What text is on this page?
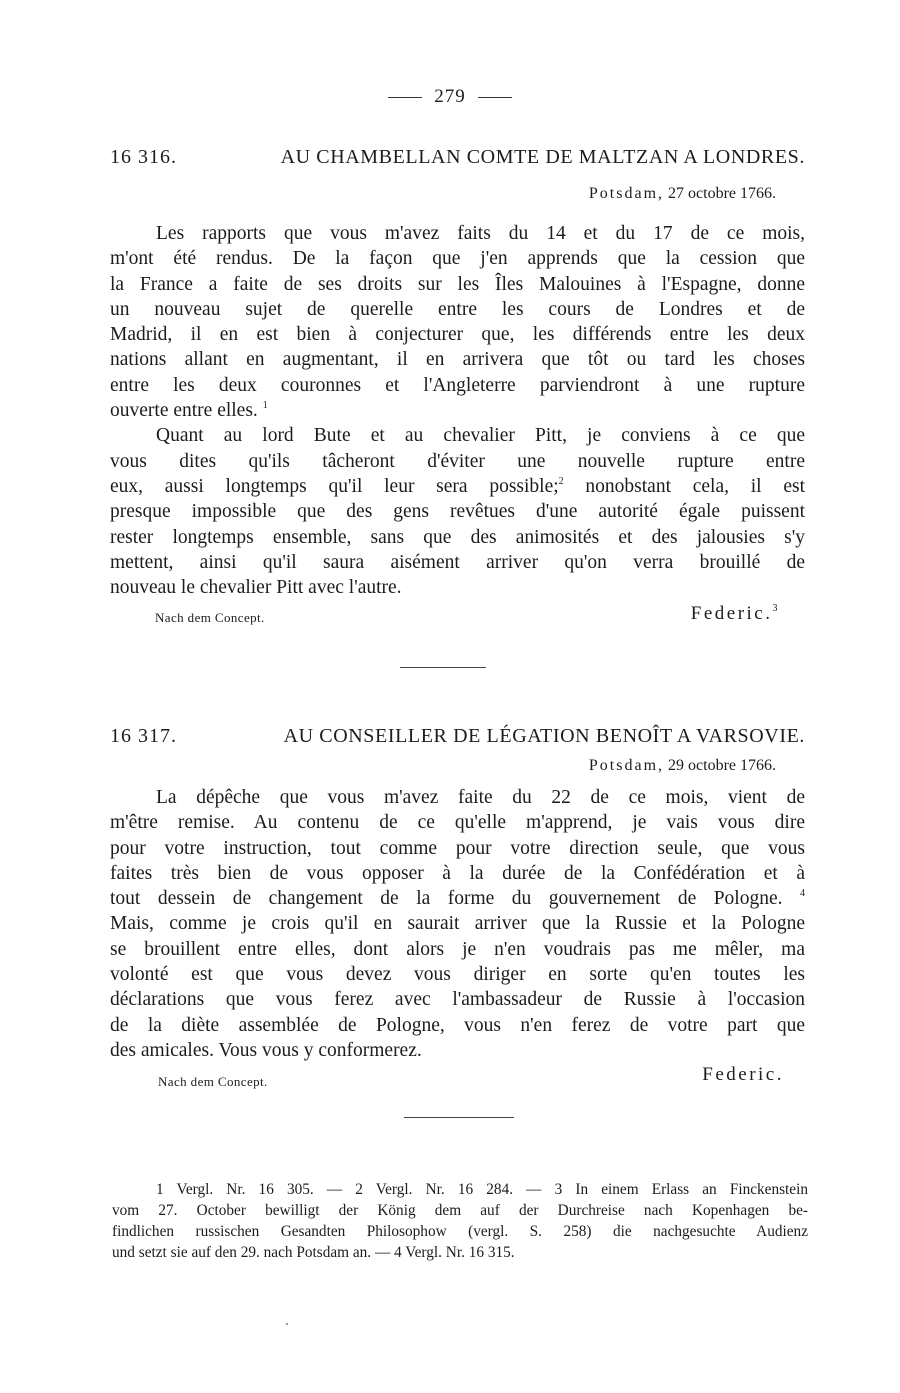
279
16 316.	AU CHAMBELLAN COMTE DE MALTZAN A LONDRES.
Potsdam, 27 octobre 1766.
Les rapports que vous m'avez faits du 14 et du 17 de ce mois,
m'ont été rendus. De la façon que j'en apprends que la cession que
la France a faite de ses droits sur les Îles Malouines à l'Espagne, donne
un nouveau sujet de querelle entre les cours de Londres et de
Madrid, il en est bien à conjecturer que, les différends entre les deux
nations allant en augmentant, il en arrivera que tôt ou tard les choses
entre les deux couronnes et l'Angleterre parviendront à une rupture
ouverte entre elles. $^1$
Quant au lord Bute et au chevalier Pitt, je conviens à ce que
vous dites qu'ils tâcheront d'éviter une nouvelle rupture entre
eux, aussi longtemps qu'il leur sera possible;$^2$ nonobstant cela, il est
presque impossible que des gens revêtues d'une autorité égale puissent
rester longtemps ensemble, sans que des animosités et des jalousies s'y
mettent, ainsi qu'il saura aisément arriver qu'on verra brouillé de
nouveau le chevalier Pitt avec l'autre.
Nach dem Concept.	Federic.$^3$
16 317.	AU CONSEILLER DE LÉGATION BENOÎT A VARSOVIE.
Potsdam, 29 octobre 1766.
La dépêche que vous m'avez faite du 22 de ce mois, vient de
m'être remise. Au contenu de ce qu'elle m'apprend, je vais vous dire
pour votre instruction, tout comme pour votre direction seule, que vous
faites très bien de vous opposer à la durée de la Confédération et à
tout dessein de changement de la forme du gouvernement de Pologne. $^4$
Mais, comme je crois qu'il en saurait arriver que la Russie et la Pologne
se brouillent entre elles, dont alors je n'en voudrais pas me mêler, ma
volonté est que vous devez vous diriger en sorte qu'en toutes les
déclarations que vous ferez avec l'ambassadeur de Russie à l'occasion
de la diète assemblée de Pologne, vous n'en ferez de votre part que
des amicales. Vous vous y conformerez.
Nach dem Concept.	Federic.
1 Vergl. Nr. 16 305. — 2 Vergl. Nr. 16 284. — 3 In einem Erlass an Finckenstein
vom 27. October bewilligt der König dem auf der Durchreise nach Kopenhagen be-
findlichen russischen Gesandten Philosophow (vergl. S. 258) die nachgesuchte Audienz
und setzt sie auf den 29. nach Potsdam an. — 4 Vergl. Nr. 16 315.
